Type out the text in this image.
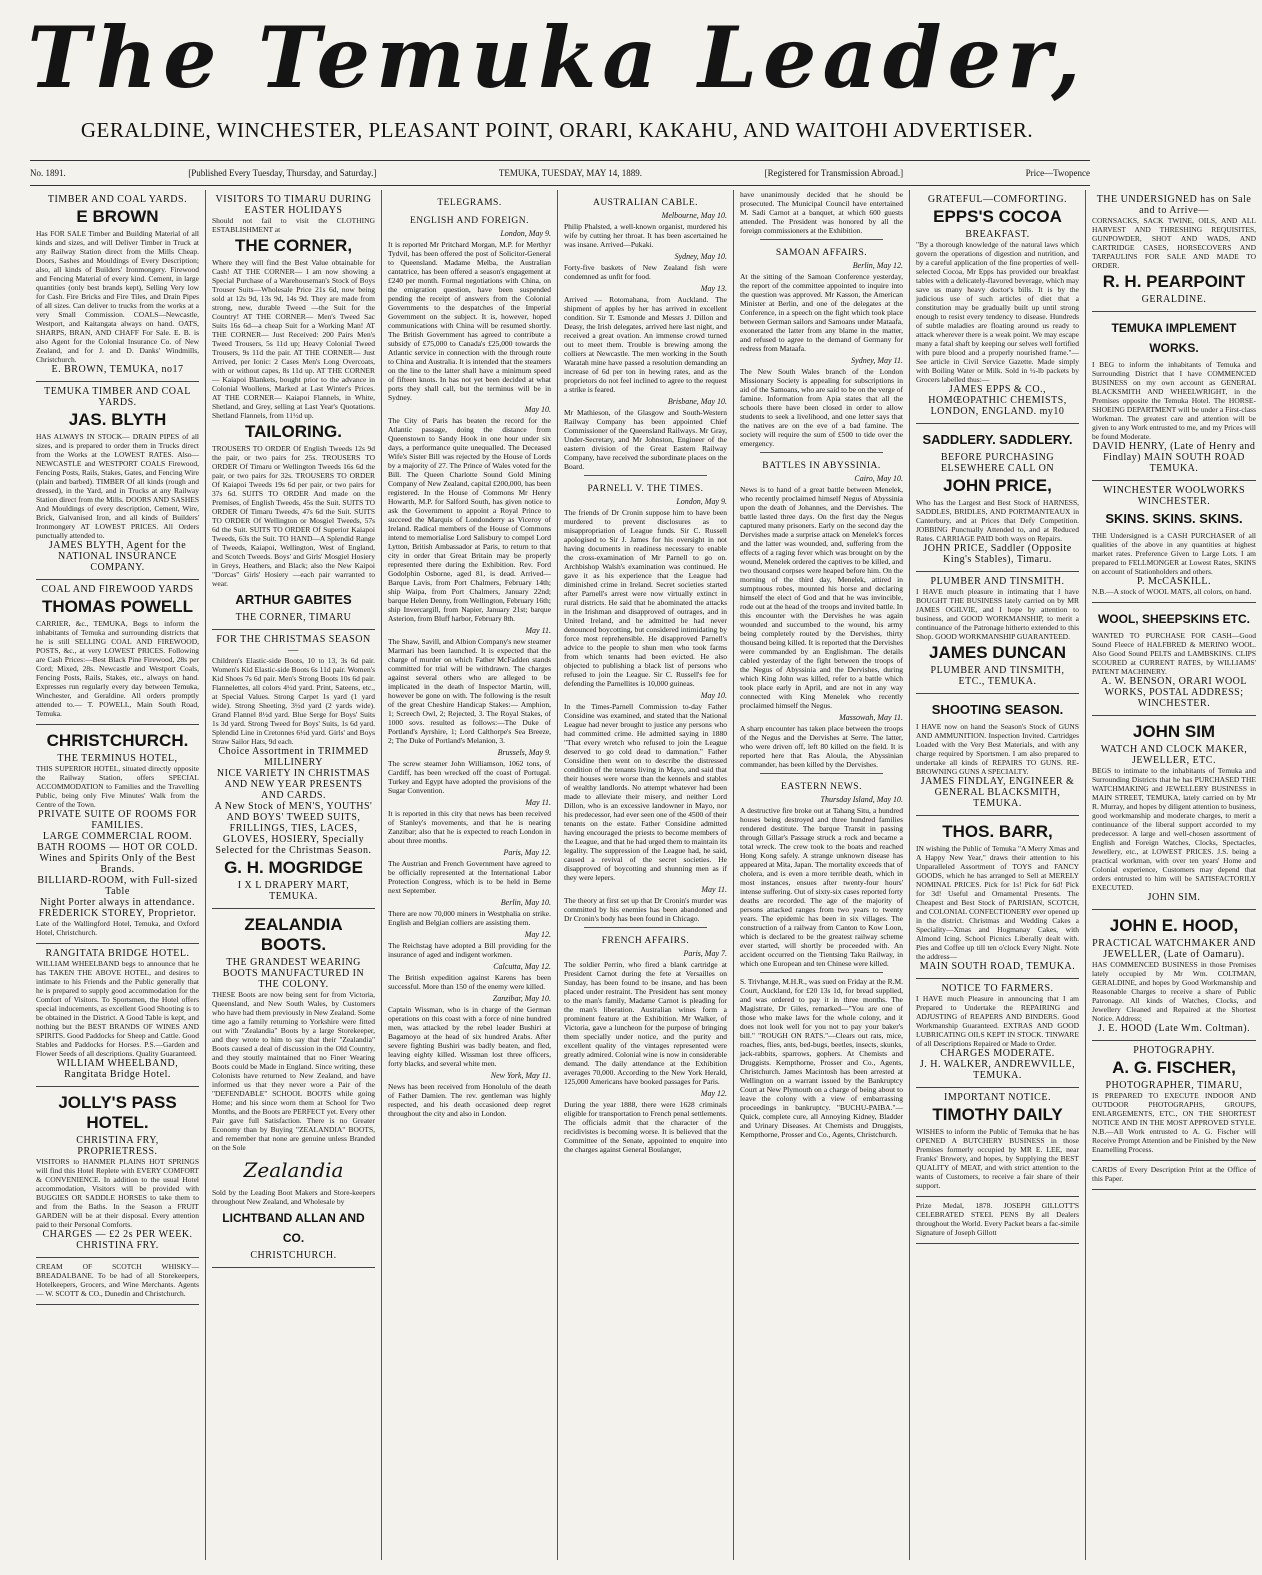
The Temuka Leader,
GERALDINE, WINCHESTER, PLEASANT POINT, ORARI, KAKAHU, AND WAITOHI ADVERTISER.
No. 1891.	[Published Every Tuesday, Thursday, and Saturday.]	TEMUKA, TUESDAY, MAY 14, 1889.	[Registered for Transmission Abroad.]	Price—Twopence
TIMBER AND COAL YARDS.
E BROWN
Has FOR SALE Timber and Building Material of all kinds and sizes, and will Deliver Timber in Truck at any Railway Station direct from the Mills Cheap. Doors, Sashes and Mouldings of Every Description; also, all kinds of Builders' Ironmongery. Firewood and Fencing Material of every kind. Cement, in large quantities (only best brands kept), Selling Very low for Cash. Fire Bricks and Fire Tiles, and Drain Pipes of all sizes. Can deliver to trucks from the works at a very Small Commission. COALS—Newcastle, Westport, and Kaitangata always on hand. OATS, SHARPS, BRAN, AND CHAFF For Sale. E. B. is also Agent for the Colonial Insurance Co. of New Zealand, and for J. and D. Danks' Windmills, Christchurch.
E. BROWN, TEMUKA, no17
TEMUKA TIMBER AND COAL YARDS.
JAS. BLYTH
HAS ALWAYS IN STOCK— DRAIN PIPES of all sizes, and is prepared to order them in Trucks direct from the Works at the LOWEST RATES. Also— NEWCASTLE and WESTPORT COALS Firewood, Fencing Posts, Rails, Stakes, Gates, and Fencing Wire (plain and barbed). TIMBER Of all kinds (rough and dressed), in the Yard, and in Trucks at any Railway Station direct from the Mills. DOORS AND SASHES And Mouldings of every description, Cement, Wire, Brick, Galvanised Iron, and all kinds of Builders' Ironmongery AT LOWEST PRICES. All Orders punctually attended to.
JAMES BLYTH, Agent for the NATIONAL INSURANCE COMPANY.
COAL AND FIREWOOD YARDS
THOMAS POWELL
CARRIER, &c., TEMUKA, Begs to inform the inhabitants of Temuka and surrounding districts that he is still SELLING COAL AND FIREWOOD, POSTS, &c., at very LOWEST PRICES. Following are Cash Prices:—Best Black Pine Firewood, 28s per Cord; Mixed, 28s. Newcastle and Westport Coals, Fencing Posts, Rails, Stakes, etc., always on hand. Expresses run regularly every day between Temuka, Winchester, and Geraldine. All orders promptly attended to.— T. POWELL, Main South Road, Temuka.
CHRISTCHURCH.
THE TERMINUS HOTEL,
THIS SUPERIOR HOTEL, situated directly opposite the Railway Station, offers SPECIAL ACCOMMODATION to Families and the Travelling Public, being only Five Minutes' Walk from the Centre of the Town.
PRIVATE SUITE OF ROOMS FOR FAMILIES.
LARGE COMMERCIAL ROOM.
BATH ROOMS — HOT OR COLD.
Wines and Spirits Only of the Best Brands.
BILLIARD-ROOM, with Full-sized Table
Night Porter always in attendance.
FREDERICK STOREY, Proprietor.
Late of the Wallingford Hotel, Temuka, and Oxford Hotel, Christchurch.
RANGITATA BRIDGE HOTEL.
WILLIAM WHEELBAND begs to announce that he has TAKEN THE ABOVE HOTEL, and desires to intimate to his Friends and the Public generally that he is prepared to supply good accommodation for the Comfort of Visitors. To Sportsmen, the Hotel offers special inducements, as excellent Good Shooting is to be obtained in the District. A Good Table is kept, and nothing but the BEST BRANDS OF WINES AND SPIRITS. Good Paddocks for Sheep and Cattle. Good Stables and Paddocks for Horses. P.S.—Garden and Flower Seeds of all descriptions. Quality Guaranteed.
WILLIAM WHEELBAND, Rangitata Bridge Hotel.
JOLLY'S PASS HOTEL.
CHRISTINA FRY, PROPRIETRESS.
VISITORS to HANMER PLAINS HOT SPRINGS will find this Hotel Replete with EVERY COMFORT & CONVENIENCE. In addition to the usual Hotel accommodation, Visitors will be provided with BUGGIES OR SADDLE HORSES to take them to and from the Baths. In the Season a FRUIT GARDEN will be at their disposal. Every attention paid to their Personal Comforts.
CHARGES — £2 2s PER WEEK.
CHRISTINA FRY.
CREAM OF SCOTCH WHISKY— BREADALBANE. To be had of all Storekeepers, Hotelkeepers, Grocers, and Wine Merchants. Agents— W. SCOTT & CO., Dunedin and Christchurch.
VISITORS TO TIMARU DURING EASTER HOLIDAYS
Should not fail to visit the CLOTHING ESTABLISHMENT at
THE CORNER,
Where they will find the Best Value obtainable for Cash! AT THE CORNER— I am now showing a Special Purchase of a Warehouseman's Stock of Boys Trouser Suits—Wholesale Price 21s 6d, now being sold at 12s 9d, 13s 9d, 14s 9d. They are made from strong, new, durable Tweed —the Suit for the Country! AT THE CORNER— Men's Tweed Sac Suits 16s 6d—a cheap Suit for a Working Man! AT THE CORNER— Just Received: 200 Pairs Men's Tweed Trousers, 5s 11d up; Heavy Colonial Tweed Trousers, 9s 11d the pair. AT THE CORNER— Just Arrived, per Ionic: 2 Cases Men's Long Overcoats, with or without capes, 8s 11d up. AT THE CORNER— Kaiapoi Blankets, bought prior to the advance in Colonial Woollens, Marked at Last Winter's Prices. AT THE CORNER— Kaiapoi Flannels, in White, Shetland, and Grey, selling at Last Year's Quotations. Shetland Flannels, from 11½d up.
TAILORING.
TROUSERS TO ORDER Of English Tweeds 12s 9d the pair, or two pairs for 25s. TROUSERS TO ORDER Of Timaru or Wellington Tweeds 16s 6d the pair, or two pairs for 32s. TROUSERS TO ORDER Of Kaiapoi Tweeds 19s 6d per pair, or two pairs for 37s 6d. SUITS TO ORDER And made on the Premises, of English Tweeds, 45s the Suit. SUITS TO ORDER Of Timaru Tweeds, 47s 6d the Suit. SUITS TO ORDER Of Wellington or Mosgiel Tweeds, 57s 6d the Suit. SUITS TO ORDER Of Superior Kaiapoi Tweeds, 63s the Suit. TO HAND—A Splendid Range of Tweeds, Kaiapoi, Wellington, West of England, and Scotch Tweeds. Boys' and Girls' Mosgiel Hosiery in Greys, Heathers, and Black; also the New Kaipoi "Dorcas" Girls' Hosiery —each pair warranted to wear.
ARTHUR GABITES
THE CORNER, TIMARU
FOR THE CHRISTMAS SEASON—
Children's Elastic-side Boots, 10 to 13, 3s 6d pair. Women's Kid Elastic-side Boots 6s 11d pair. Women's Kid Shoes 7s 6d pair. Men's Strong Boots 10s 6d pair. Flannelettes, all colors 4½d yard. Print, Sateens, etc., at Special Values. Strong Carpet 1s yard (1 yard wide). Strong Sheeting, 3½d yard (2 yards wide). Grand Flannel 8½d yard. Blue Serge for Boys' Suits 1s 3d yard. Strong Tweed for Boys' Suits, 1s 6d yard. Splendid Line in Cretonnes 6½d yard. Girls' and Boys Straw Sailor Hats, 9d each.
Choice Assortment in TRIMMED MILLINERY
NICE VARIETY IN CHRISTMAS AND NEW YEAR PRESENTS AND CARDS.
A New Stock of MEN'S, YOUTHS' AND BOYS' TWEED SUITS, FRILLINGS, TIES, LACES, GLOVES, HOSIERY, Specially Selected for the Christmas Season.
G. H. MOGRIDGE
I X L DRAPERY MART, TEMUKA.
ZEALANDIA BOOTS.
THE GRANDEST WEARING BOOTS MANUFACTURED IN THE COLONY.
THESE Boots are now being sent for from Victoria, Queensland, and New South Wales, by Customers who have had them previously in New Zealand. Some time ago a family returning to Yorkshire were fitted out with "Zealandia" Boots by a large Storekeeper, and they wrote to him to say that their "Zealandia" Boots caused a deal of discussion in the Old Country, and they stoutly maintained that no Finer Wearing Boots could be Made in England. Since writing, these Colonists have returned to New Zealand, and have informed us that they never wore a Pair of the "DEFENDABLE" SCHOOL BOOTS while going Home; and his since worn them at School for Two Months, and the Boots are PERFECT yet. Every other Pair gave full Satisfaction. There is no Greater Economy than by Buying "ZEALANDIA" BOOTS, and remember that none are genuine unless Branded on the Sole
Zealandia
Sold by the Leading Boot Makers and Store-keepers throughout New Zealand, and Wholesale by
LICHTBAND ALLAN AND CO.
CHRISTCHURCH.
TELEGRAMS.
ENGLISH AND FOREIGN.
London, May 9.
It is reported Mr Pritchard Morgan, M.P. for Merthyr Tydvil, has been offered the post of Solicitor-General to Queensland. Madame Melba, the Australian cantatrice, has been offered a season's engagement at £240 per month. Formal negotiations with China, on the emigration question, have been suspended pending the receipt of answers from the Colonial Governments to the despatches of the Imperial Government on the subject. It is, however, hoped communications with China will be resumed shortly. The British Government has agreed to contribute a subsidy of £75,000 to Canada's £25,000 towards the Atlantic service in connection with the through route to China and Australia. It is intended that the steamers on the line to the latter shall have a minimum speed of fifteen knots. In has not yet been decided at what ports they shall call, but the terminus will be in Sydney.
May 10.
The City of Paris has beaten the record for the Atlantic passage, doing the distance from Queenstown to Sandy Hook in one hour under six days, a performance quite unequalled. The Deceased Wife's Sister Bill was rejected by the House of Lords by a majority of 27. The Prince of Wales voted for the Bill. The Queen Charlotte Sound Gold Mining Company of New Zealand, capital £200,000, has been registered. In the House of Commons Mr Henry Howarth, M.P. for Salford South, has given notice to ask the Government to appoint a Royal Prince to succeed the Marquis of Londonderry as Viceroy of Ireland. Radical members of the House of Commons intend to memorialise Lord Salisbury to compel Lord Lytton, British Ambassador at Paris, to return to that city in order that Great Britain may be properly represented there during the Exhibition. Rev. Ford Godolphin Osborne, aged 81, is dead. Arrived—Barque Lavis, from Port Chalmers, February 14th; ship Waipa, from Port Chalmers, January 22nd; barque Helen Denny, from Wellington, February 16th; ship Invercargill, from Napier, January 21st; barque Asterion, from Bluff harbor, February 8th.
May 11.
The Shaw, Savill, and Albion Company's new steamer Marmari has been launched. It is expected that the charge of murder on which Father McFadden stands committed for trial will be withdrawn. The charges against several others who are alleged to be implicated in the death of Inspector Martin, will, however be gone on with. The following is the result of the great Cheshire Handicap Stakes:— Amphion, 1; Screech Owl, 2; Rejected, 3. The Royal Stakes, of 1000 sovs. resulted as follows:—The Duke of Portland's Ayrshire, 1; Lord Calthorpe's Sea Breeze, 2; The Duke of Portland's Melanion, 3.
Brussels, May 9.
The screw steamer John Williamson, 1062 tons, of Cardiff, has been wrecked off the coast of Portugal. Turkey and Egypt have adopted the provisions of the Sugar Convention.
May 11.
It is reported in this city that news has been received of Stanley's movements, and that he is nearing Zanzibar; also that he is expected to reach London in about three months.
Paris, May 12.
The Austrian and French Government have agreed to be officially represented at the International Labor Protection Congress, which is to be held in Berne next September.
Berlin, May 10.
There are now 70,000 miners in Westphalia on strike. English and Belgian colliers are assisting them.
May 12.
The Reichstag have adopted a Bill providing for the insurance of aged and indigent workmen.
Calcutta, May 12.
The British expedition against Karens has been successful. More than 150 of the enemy were killed.
Zanzibar, May 10.
Captain Wissman, who is in charge of the German operations on this coast with a force of nine hundred men, was attacked by the rebel leader Bushiri at Bagamoyo at the head of six hundred Arabs. After severe fighting Bushiri was badly beaten, and fled, leaving eighty killed. Wissman lost three officers, forty blacks, and several white men.
New York, May 11.
News has been received from Honolulu of the death of Father Damien. The rev. gentleman was highly respected, and his death occasioned deep regret throughout the city and also in London.
AUSTRALIAN CABLE.
Melbourne, May 10.
Philip Phalsted, a well-known organist, murdered his wife by cutting her throat. It has been ascertained he was insane. Arrived—Pukaki.
Sydney, May 10.
Forty-five baskets of New Zealand fish were condemned as unfit for food.
May 13.
Arrived — Rotomahana, from Auckland. The shipment of apples by her has arrived in excellent condition. Sir T. Esmonde and Messrs J. Dillon and Deasy, the Irish delegates, arrived here last night, and received a great ovation. An immense crowd turned out to meet them. Trouble is brewing among the colliers at Newcastle. The men working in the South Waratah mine have passed a resolution demanding an increase of 6d per ton in hewing rates, and as the proprietors do not feel inclined to agree to the request a strike is feared.
Brisbane, May 10.
Mr Mathieson, of the Glasgow and South-Western Railway Company has been appointed Chief Commissioner of the Queensland Railways. Mr Gray, Under-Secretary, and Mr Johnston, Engineer of the eastern division of the Great Eastern Railway Company, have received the subordinate places on the Board.
PARNELL V. THE TIMES.
London, May 9.
The friends of Dr Cronin suppose him to have been murdered to prevent disclosures as to misappropriation of League funds. Sir C. Russell apologised to Sir J. James for his oversight in not having documents in readiness necessary to enable the cross-examination of Mr Parnell to go on. Archbishop Walsh's examination was continued. He gave it as his experience that the League had diminished crime in Ireland. Secret societies started after Parnell's arrest were now virtually extinct in rural districts. He said that he abominated the attacks in the Irishman and disapproved of outrages, and in United Ireland, and he admitted he had never denounced boycotting, but considered intimidating by force most reprehensible. He disapproved Parnell's advice to the people to shun men who took farms from which tenants had been evicted. He also objected to publishing a black list of persons who refused to join the League. Sir C. Russell's fee for defending the Parnellites is 10,000 guineas.
May 10.
In the Times-Parnell Commission to-day Father Considine was examined, and stated that the National League had never brought to justice any persons who had committed crime. He admitted saying in 1880 "That every wretch who refused to join the League deserved to go cold dead to damnation." Father Considine then went on to describe the distressed condition of the tenants living in Mayo, and said that their houses were worse than the kennels and stables of wealthy landlords. No attempt whatever had been made to alleviate their misery, and neither Lord Dillon, who is an excessive landowner in Mayo, nor his predecessor, had ever seen one of the 4500 of their tenants on the estate. Father Considine admitted having encouraged the priests to become members of the League, and that he had urged them to maintain its legality. The suppression of the League had, he said, caused a revival of the secret societies. He disapproved of boycotting and shunning men as if they were lepers.
May 11.
The theory at first set up that Dr Cronin's murder was committed by his enemies has been abandoned and Dr Cronin's body has been found in Chicago.
FRENCH AFFAIRS.
Paris, May 7.
The soldier Perrin, who fired a blank cartridge at President Carnot during the fete at Versailles on Sunday, has been found to be insane, and has been placed under restraint. The President has sent money to the man's family, Madame Carnot is pleading for the man's liberation. Australian wines form a prominent feature at the Exhibition. Mr Walker, of Victoria, gave a luncheon for the purpose of bringing them specially under notice, and the purity and excellent quality of the vintages represented were greatly admired. Colonial wine is now in considerable demand. The daily attendance at the Exhibition averages 70,000. According to the New York Herald, 125,000 Americans have booked passages for Paris.
May 12.
During the year 1888, there were 1628 criminals eligible for transportation to French penal settlements. The officials admit that the character of the recidivistes is becoming worse. It is believed that the Committee of the Senate, appointed to enquire into the charges against General Boulanger,
have unanimously decided that he should be prosecuted. The Municipal Council have entertained M. Sadi Carnot at a banquet, at which 600 guests attended. The President was honored by all the foreign commissioners at the Exhibition.
SAMOAN AFFAIRS.
Berlin, May 12.
At the sitting of the Samoan Conference yesterday, the report of the committee appointed to inquire into the question was approved. Mr Kasson, the American Minister at Berlin, and one of the delegates at the Conference, in a speech on the fight which took place between German sailors and Samoans under Mataafa, exonerated the latter from any blame in the matter, and refused to agree to the demand of Germany for redress from Mataafa.
Sydney, May 11.
The New South Wales branch of the London Missionary Society is appealing for subscriptions in aid of the Samoans, who are said to be on the verge of famine. Information from Apia states that all the schools there have been closed in order to allow students to seek a livelihood, and one letter says that the natives are on the eve of a bad famine. The society will require the sum of £500 to tide over the emergency.
BATTLES IN ABYSSINIA.
Cairo, May 10.
News is to hand of a great battle between Menelek, who recently proclaimed himself Negus of Abyssinia upon the death of Johannes, and the Dervishes. The battle lasted three days. On the first day the Negus captured many prisoners. Early on the second day the Dervishes made a surprise attack on Menelek's forces and the latter was wounded, and, suffering from the effects of a raging fever which was brought on by the wound, Menelek ordered the captives to be killed, and two thousand corpses were heaped before him. On the morning of the third day, Menelek, attired in sumptuous robes, mounted his horse and declaring himself the elect of God and that he was invincible, rode out at the head of the troops and invited battle. In this encounter with the Dervishes he was again wounded and succumbed to the wound, his army being completely routed by the Dervishes, thirty thousand being killed. It is reported that the Dervishes were commanded by an Englishman. The details cabled yesterday of the fight between the troops of the Negus of Abyssinia and the Dervishes, during which King John was killed, refer to a battle which took place early in April, and are not in any way connected with King Menelek who recently proclaimed himself the Negus.
Massowah, May 11.
A sharp encounter has taken place between the troops of the Negus and the Dervishes at Serre. The latter, who were driven off, left 80 killed on the field. It is reported here that Ras Aloula, the Abyssinian commander, has been killed by the Dervishes.
EASTERN NEWS.
Thursday Island, May 10.
A destructive fire broke out at Tahang Situ, a hundred houses being destroyed and three hundred families rendered destitute. The barque Transit in passing through Gillar's Passage struck a rock and became a total wreck. The crew took to the boats and reached Hong Kong safely. A strange unknown disease has appeared at Mita, Japan. The mortality exceeds that of cholera, and is even a more terrible death, which in most instances, ensues after twenty-four hours' intense suffering. Out of sixty-six cases reported forty deaths are recorded. The age of the majority of persons attacked ranges from two years to twenty years. The epidemic has been in six villages. The construction of a railway from Canton to Kow Loon, which is declared to be the greatest railway scheme ever started, will shortly be proceeded with. An accident occurred on the Tientsing Taku Railway, in which one European and ten Chinese were killed.
S. Trivhange, M.H.R., was sued on Friday at the R.M. Court, Auckland, for £20 13s 1d, for bread supplied, and was ordered to pay it in three months. The Magistrate, Dr Giles, remarked—"You are one of those who make laws for the whole colony, and it does not look well for you not to pay your baker's bill." "ROUGH ON RATS."—Clears out rats, mice, roaches, flies, ants, bed-bugs, beetles, insects, skunks, jack-rabbits, sparrows, gophers. At Chemists and Druggists. Kempthorne, Prosser and Co., Agents, Christchurch. James Macintosh has been arrested at Wellington on a warrant issued by the Bankruptcy Court at New Plymouth on a charge of being about to leave the colony with a view of embarrassing proceedings in bankruptcy. "BUCHU-PAIBA."—Quick, complete cure, all Annoying Kidney, Bladder and Urinary Diseases. At Chemists and Druggists, Kempthorne, Prosser and Co., Agents, Christchurch.
GRATEFUL—COMFORTING.
EPPS'S COCOA
BREAKFAST.
"By a thorough knowledge of the natural laws which govern the operations of digestion and nutrition, and by a careful application of the fine properties of well-selected Cocoa, Mr Epps has provided our breakfast tables with a delicately-flavored beverage, which may save us many heavy doctor's bills. It is by the judicious use of such articles of diet that a constitution may be gradually built up until strong enough to resist every tendency to disease. Hundreds of subtle maladies are floating around us ready to attack wherever there is a weak point. We may escape many a fatal shaft by keeping our selves well fortified with pure blood and a properly nourished frame."—See article in Civil Service Gazette. Made simply with Boiling Water or Milk. Sold in ½-lb packets by Grocers labelled thus:—
JAMES EPPS & CO., HOMŒOPATHIC CHEMISTS, LONDON, ENGLAND. my10
SADDLERY. SADDLERY.
BEFORE PURCHASING ELSEWHERE CALL ON
JOHN PRICE,
Who has the Largest and Best Stock of HARNESS, SADDLES, BRIDLES, AND PORTMANTEAUX in Canterbury, and at Prices that Defy Competition. JOBBING Punctually Attended to, and at Reduced Rates. CARRIAGE PAID both ways on Repairs.
JOHN PRICE, Saddler (Opposite King's Stables), Timaru.
PLUMBER AND TINSMITH.
I HAVE much pleasure in intimating that I have BOUGHT THE BUSINESS lately carried on by MR JAMES OGILVIE, and I hope by attention to business, and GOOD WORKMANSHIP, to merit a continuance of the Patronage hitherto extended to this Shop. GOOD WORKMANSHIP GUARANTEED.
JAMES DUNCAN
PLUMBER AND TINSMITH, ETC., TEMUKA.
SHOOTING SEASON.
I HAVE now on hand the Season's Stock of GUNS AND AMMUNITION. Inspection Invited. Cartridges Loaded with the Very Best Materials, and with any charge required by Sportsmen. I am also prepared to undertake all kinds of REPAIRS TO GUNS. RE-BROWNING GUNS A SPECIALTY.
JAMES FINDLAY, ENGINEER & GENERAL BLACKSMITH, TEMUKA.
THOS. BARR,
IN wishing the Public of Temuka "A Merry Xmas and A Happy New Year," draws their attention to his Unparalleled Assortment of TOYS and FANCY GOODS, which he has arranged to Sell at MERELY NOMINAL PRICES. Pick for 1s! Pick for 6d! Pick for 3d! Useful and Ornamental Presents. The Cheapest and Best Stock of PARISIAN, SCOTCH, and COLONIAL CONFECTIONERY ever opened up in the district. Christmas and Wedding Cakes a Speciality—Xmas and Hogmanay Cakes, with Almond Icing. School Picnics Liberally dealt with. Pies and Coffee up till ten o'clock Every Night. Note the address—
MAIN SOUTH ROAD, TEMUKA.
NOTICE TO FARMERS.
I HAVE much Pleasure in announcing that I am Prepared to Undertake the REPAIRING and ADJUSTING of REAPERS AND BINDERS. Good Workmanship Guaranteed. EXTRAS AND GOOD LUBRICATING OILS KEPT IN STOCK. TINWARE of all Descriptions Repaired or Made to Order.
CHARGES MODERATE.
J. H. WALKER, ANDREWVILLE, TEMUKA.
IMPORTANT NOTICE.
TIMOTHY DAILY
WISHES to inform the Public of Temuka that he has OPENED A BUTCHERY BUSINESS in those Premises formerly occupied by MR E. LEE, near Franks' Brewery, and hopes, by Supplying the BEST QUALITY of MEAT, and with strict attention to the wants of Customers, to receive a fair share of their support.
Prize Medal, 1878. JOSEPH GILLOTT'S CELEBRATED STEEL PENS By all Dealers throughout the World. Every Packet bears a fac-simile Signature of Joseph Gillott
THE UNDERSIGNED has on Sale and to Arrive—
CORNSACKS, SACK TWINE, OILS, AND ALL HARVEST AND THRESHING REQUISITES, GUNPOWDER, SHOT AND WADS, AND CARTRIDGE CASES, HORSECOVERS AND TARPAULINS FOR SALE AND MADE TO ORDER.
R. H. PEARPOINT
GERALDINE.
TEMUKA IMPLEMENT WORKS.
I BEG to inform the inhabitants of Temuka and Surrounding District that I have COMMENCED BUSINESS on my own account as GENERAL BLACKSMITH AND WHEELWRIGHT, in the Premises opposite the Temuka Hotel. The HORSE-SHOEING DEPARTMENT will be under a First-class Workman. The greatest care and attention will be given to any Work entrusted to me, and my Prices will be found Moderate.
DAVID HENRY, (Late of Henry and Findlay) MAIN SOUTH ROAD TEMUKA.
WINCHESTER WOOLWORKS WINCHESTER.
SKINS. SKINS. SKINS.
THE Undersigned is a CASH PURCHASER of all qualities of the above in any quantities at highest market rates. Preference Given to Large Lots. I am prepared to FELLMONGER at Lowest Rates, SKINS on account of Stationholders and others.
P. McCASKILL.
N.B.—A stock of WOOL MATS, all colors, on hand.
WOOL, SHEEPSKINS ETC.
WANTED TO PURCHASE FOR CASH—Good Sound Fleece of HALFBRED & MERINO WOOL. Also Good Sound PELTS and LAMBSKINS. CLIPS SCOURED at CURRENT RATES, by WILLIAMS' PATENT MACHINERY.
A. W. BENSON, ORARI WOOL WORKS, POSTAL ADDRESS; WINCHESTER.
JOHN SIM
WATCH AND CLOCK MAKER, JEWELLER, ETC.
BEGS to intimate to the inhabitants of Temuka and Surrounding Districts that he has PURCHASED THE WATCHMAKING and JEWELLERY BUSINESS in MAIN STREET, TEMUKA, lately carried on by Mr R. Murray, and hopes by diligent attention to business, good workmanship and moderate charges, to merit a continuance of the liberal support accorded to my predecessor. A large and well-chosen assortment of English and Foreign Watches, Clocks, Spectacles, Jewellery, etc., at LOWEST PRICES. J.S. being a practical workman, with over ten years' Home and Colonial experience, Customers may depend that orders entrusted to him will be SATISFACTORILY EXECUTED.
JOHN SIM.
JOHN E. HOOD,
PRACTICAL WATCHMAKER AND JEWELLER, (Late of Oamaru).
HAS COMMENCED BUSINESS in those Premises lately occupied by Mr Wm. COLTMAN, GERALDINE, and hopes by Good Workmanship and Reasonable Charges to receive a share of Public Patronage. All kinds of Watches, Clocks, and Jewellery Cleaned and Repaired at the Shortest Notice. Address;
J. E. HOOD (Late Wm. Coltman).
PHOTOGRAPHY.
A. G. FISCHER,
PHOTOGRAPHER, TIMARU,
IS PREPARED TO EXECUTE INDOOR AND OUTDOOR PHOTOGRAPHS, GROUPS, ENLARGEMENTS, ETC., ON THE SHORTEST NOTICE AND IN THE MOST APPROVED STYLE. N.B.—All Work entrusted to A. G. Fischer will Receive Prompt Attention and be Finished by the New Enamelling Process.
CARDS of Every Description Print at the Office of this Paper.
